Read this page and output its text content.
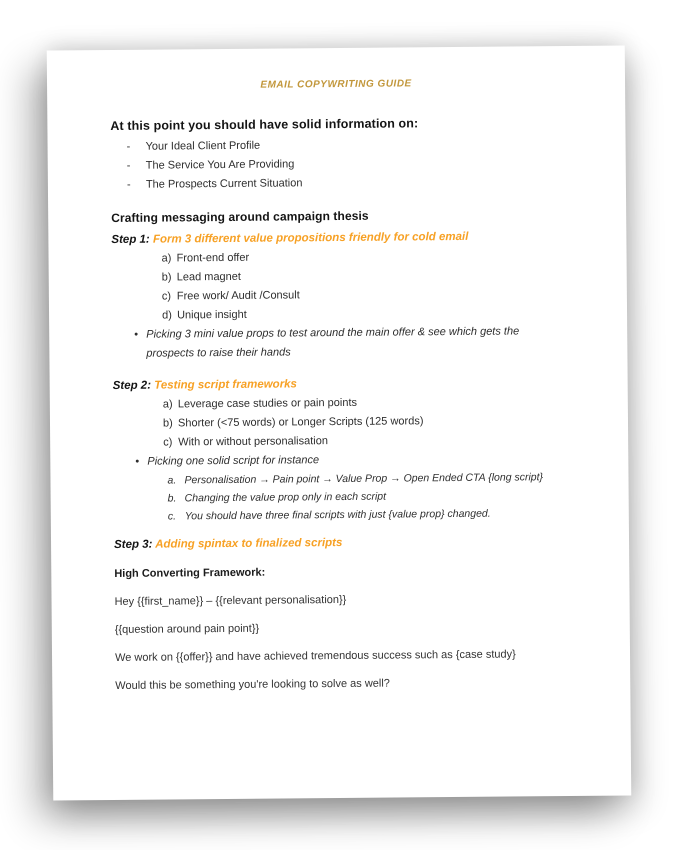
EMAIL COPYWRITING GUIDE
At this point you should have solid information on:
-	Your Ideal Client Profile
-	The Service You Are Providing
-	The Prospects Current Situation
Crafting messaging around campaign thesis
Step 1: Form 3 different value propositions friendly for cold email
a) Front-end offer
b) Lead magnet
c) Free work/ Audit /Consult
d) Unique insight
• Picking 3 mini value props to test around the main offer & see which gets the prospects to raise their hands
Step 2: Testing script frameworks
a) Leverage case studies or pain points
b) Shorter (<75 words) or Longer Scripts (125 words)
c) With or without personalisation
• Picking one solid script for instance
a. Personalisation → Pain point → Value Prop → Open Ended CTA {long script}
b. Changing the value prop only in each script
c. You should have three final scripts with just {value prop} changed.
Step 3: Adding spintax to finalized scripts
High Converting Framework:
Hey {{first_name}} – {{relevant personalisation}}
{{question around pain point}}
We work on {{offer}} and have achieved tremendous success such as {case study}
Would this be something you're looking to solve as well?
